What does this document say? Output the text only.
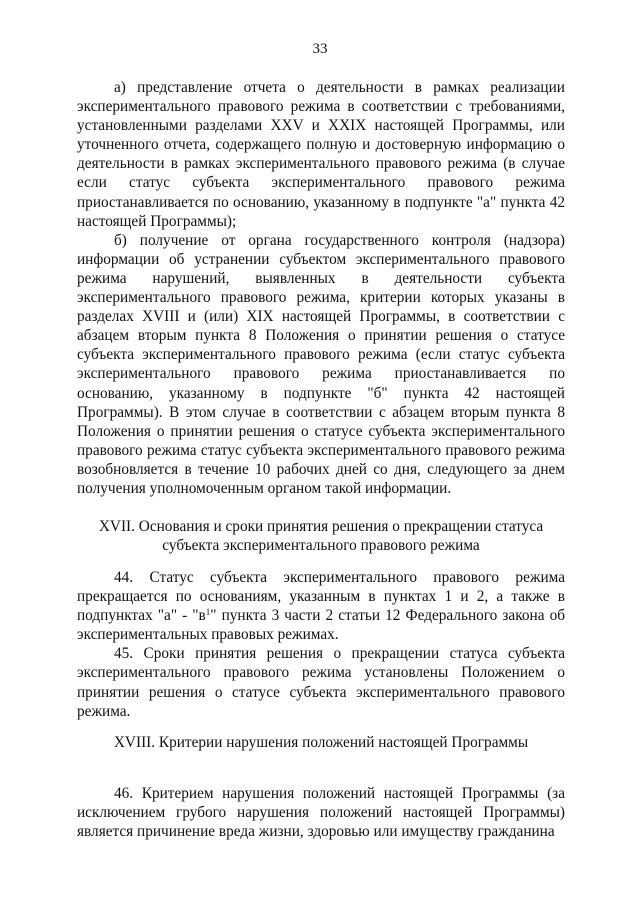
33

а) представление отчета о деятельности в рамках реализации экспериментального правового режима в соответствии с требованиями, установленными разделами XXV и XXIX настоящей Программы, или уточненного отчета, содержащего полную и достоверную информацию о деятельности в рамках экспериментального правового режима (в случае если статус субъекта экспериментального правового режима приостанавливается по основанию, указанному в подпункте "а" пункта 42 настоящей Программы);

б) получение от органа государственного контроля (надзора) информации об устранении субъектом экспериментального правового режима нарушений, выявленных в деятельности субъекта экспериментального правового режима, критерии которых указаны в разделах XVIII и (или) XIX настоящей Программы, в соответствии с абзацем вторым пункта 8 Положения о принятии решения о статусе субъекта экспериментального правового режима (если статус субъекта экспериментального правового режима приостанавливается по основанию, указанному в подпункте "б" пункта 42 настоящей Программы). В этом случае в соответствии с абзацем вторым пункта 8 Положения о принятии решения о статусе субъекта экспериментального правового режима статус субъекта экспериментального правового режима возобновляется в течение 10 рабочих дней со дня, следующего за днем получения уполномоченным органом такой информации.

XVII. Основания и сроки принятия решения о прекращении статуса

субъекта экспериментального правового режима

44. Статус субъекта экспериментального правового режима прекращается по основаниям, указанным в пунктах 1 и 2, а также в подпунктах "а" - "$в^1$" пункта 3 части 2 статьи 12 Федерального закона об экспериментальных правовых режимах.

45. Сроки принятия решения о прекращении статуса субъекта экспериментального правового режима установлены Положением о принятии решения о статусе субъекта экспериментального правового режима.

XVIII. Критерии нарушения положений настоящей Программы

46. Критерием нарушения положений настоящей Программы (за исключением грубого нарушения положений настоящей Программы) является причинение вреда жизни, здоровью или имуществу гражданина
